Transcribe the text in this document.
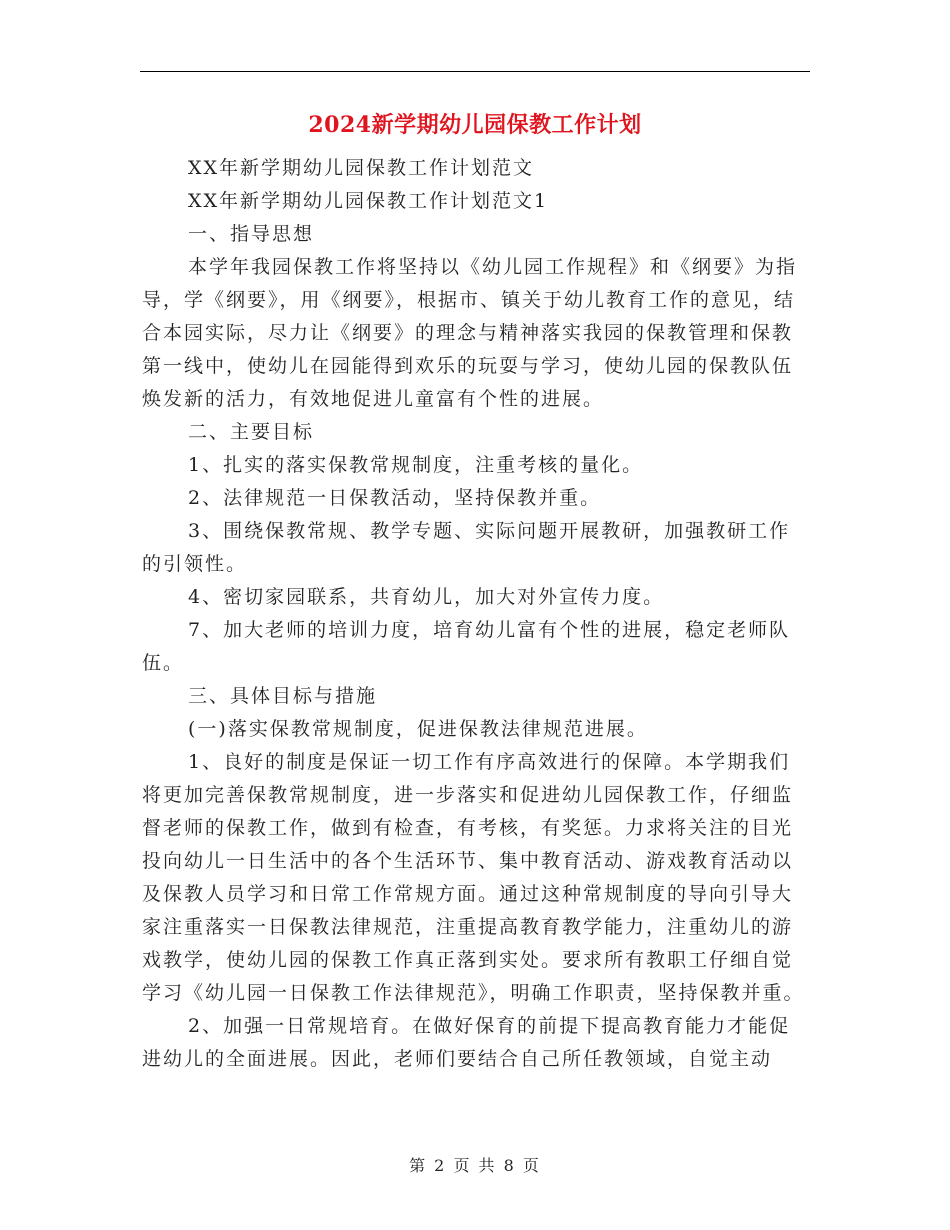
2024新学期幼儿园保教工作计划

XX年新学期幼儿园保教工作计划范文

XX年新学期幼儿园保教工作计划范文1

一、指导思想

本学年我园保教工作将坚持以《幼儿园工作规程》和《纲要》为指导，学《纲要》，用《纲要》，根据市、镇关于幼儿教育工作的意见，结合本园实际，尽力让《纲要》的理念与精神落实我园的保教管理和保教第一线中，使幼儿在园能得到欢乐的玩耍与学习，使幼儿园的保教队伍焕发新的活力，有效地促进儿童富有个性的进展。

二、主要目标

1、扎实的落实保教常规制度，注重考核的量化。

2、法律规范一日保教活动，坚持保教并重。

3、围绕保教常规、教学专题、实际问题开展教研，加强教研工作的引领性。

4、密切家园联系，共育幼儿，加大对外宣传力度。

7、加大老师的培训力度，培育幼儿富有个性的进展，稳定老师队伍。

三、具体目标与措施

(一)落实保教常规制度，促进保教法律规范进展。

1、良好的制度是保证一切工作有序高效进行的保障。本学期我们将更加完善保教常规制度，进一步落实和促进幼儿园保教工作，仔细监督老师的保教工作，做到有检查，有考核，有奖惩。力求将关注的目光投向幼儿一日生活中的各个生活环节、集中教育活动、游戏教育活动以及保教人员学习和日常工作常规方面。通过这种常规制度的导向引导大家注重落实一日保教法律规范，注重提高教育教学能力，注重幼儿的游戏教学，使幼儿园的保教工作真正落到实处。要求所有教职工仔细自觉学习《幼儿园一日保教工作法律规范》，明确工作职责，坚持保教并重。

2、加强一日常规培育。在做好保育的前提下提高教育能力才能促进幼儿的全面进展。因此，老师们要结合自己所任教领域，自觉主动

第 2 页 共 8 页
